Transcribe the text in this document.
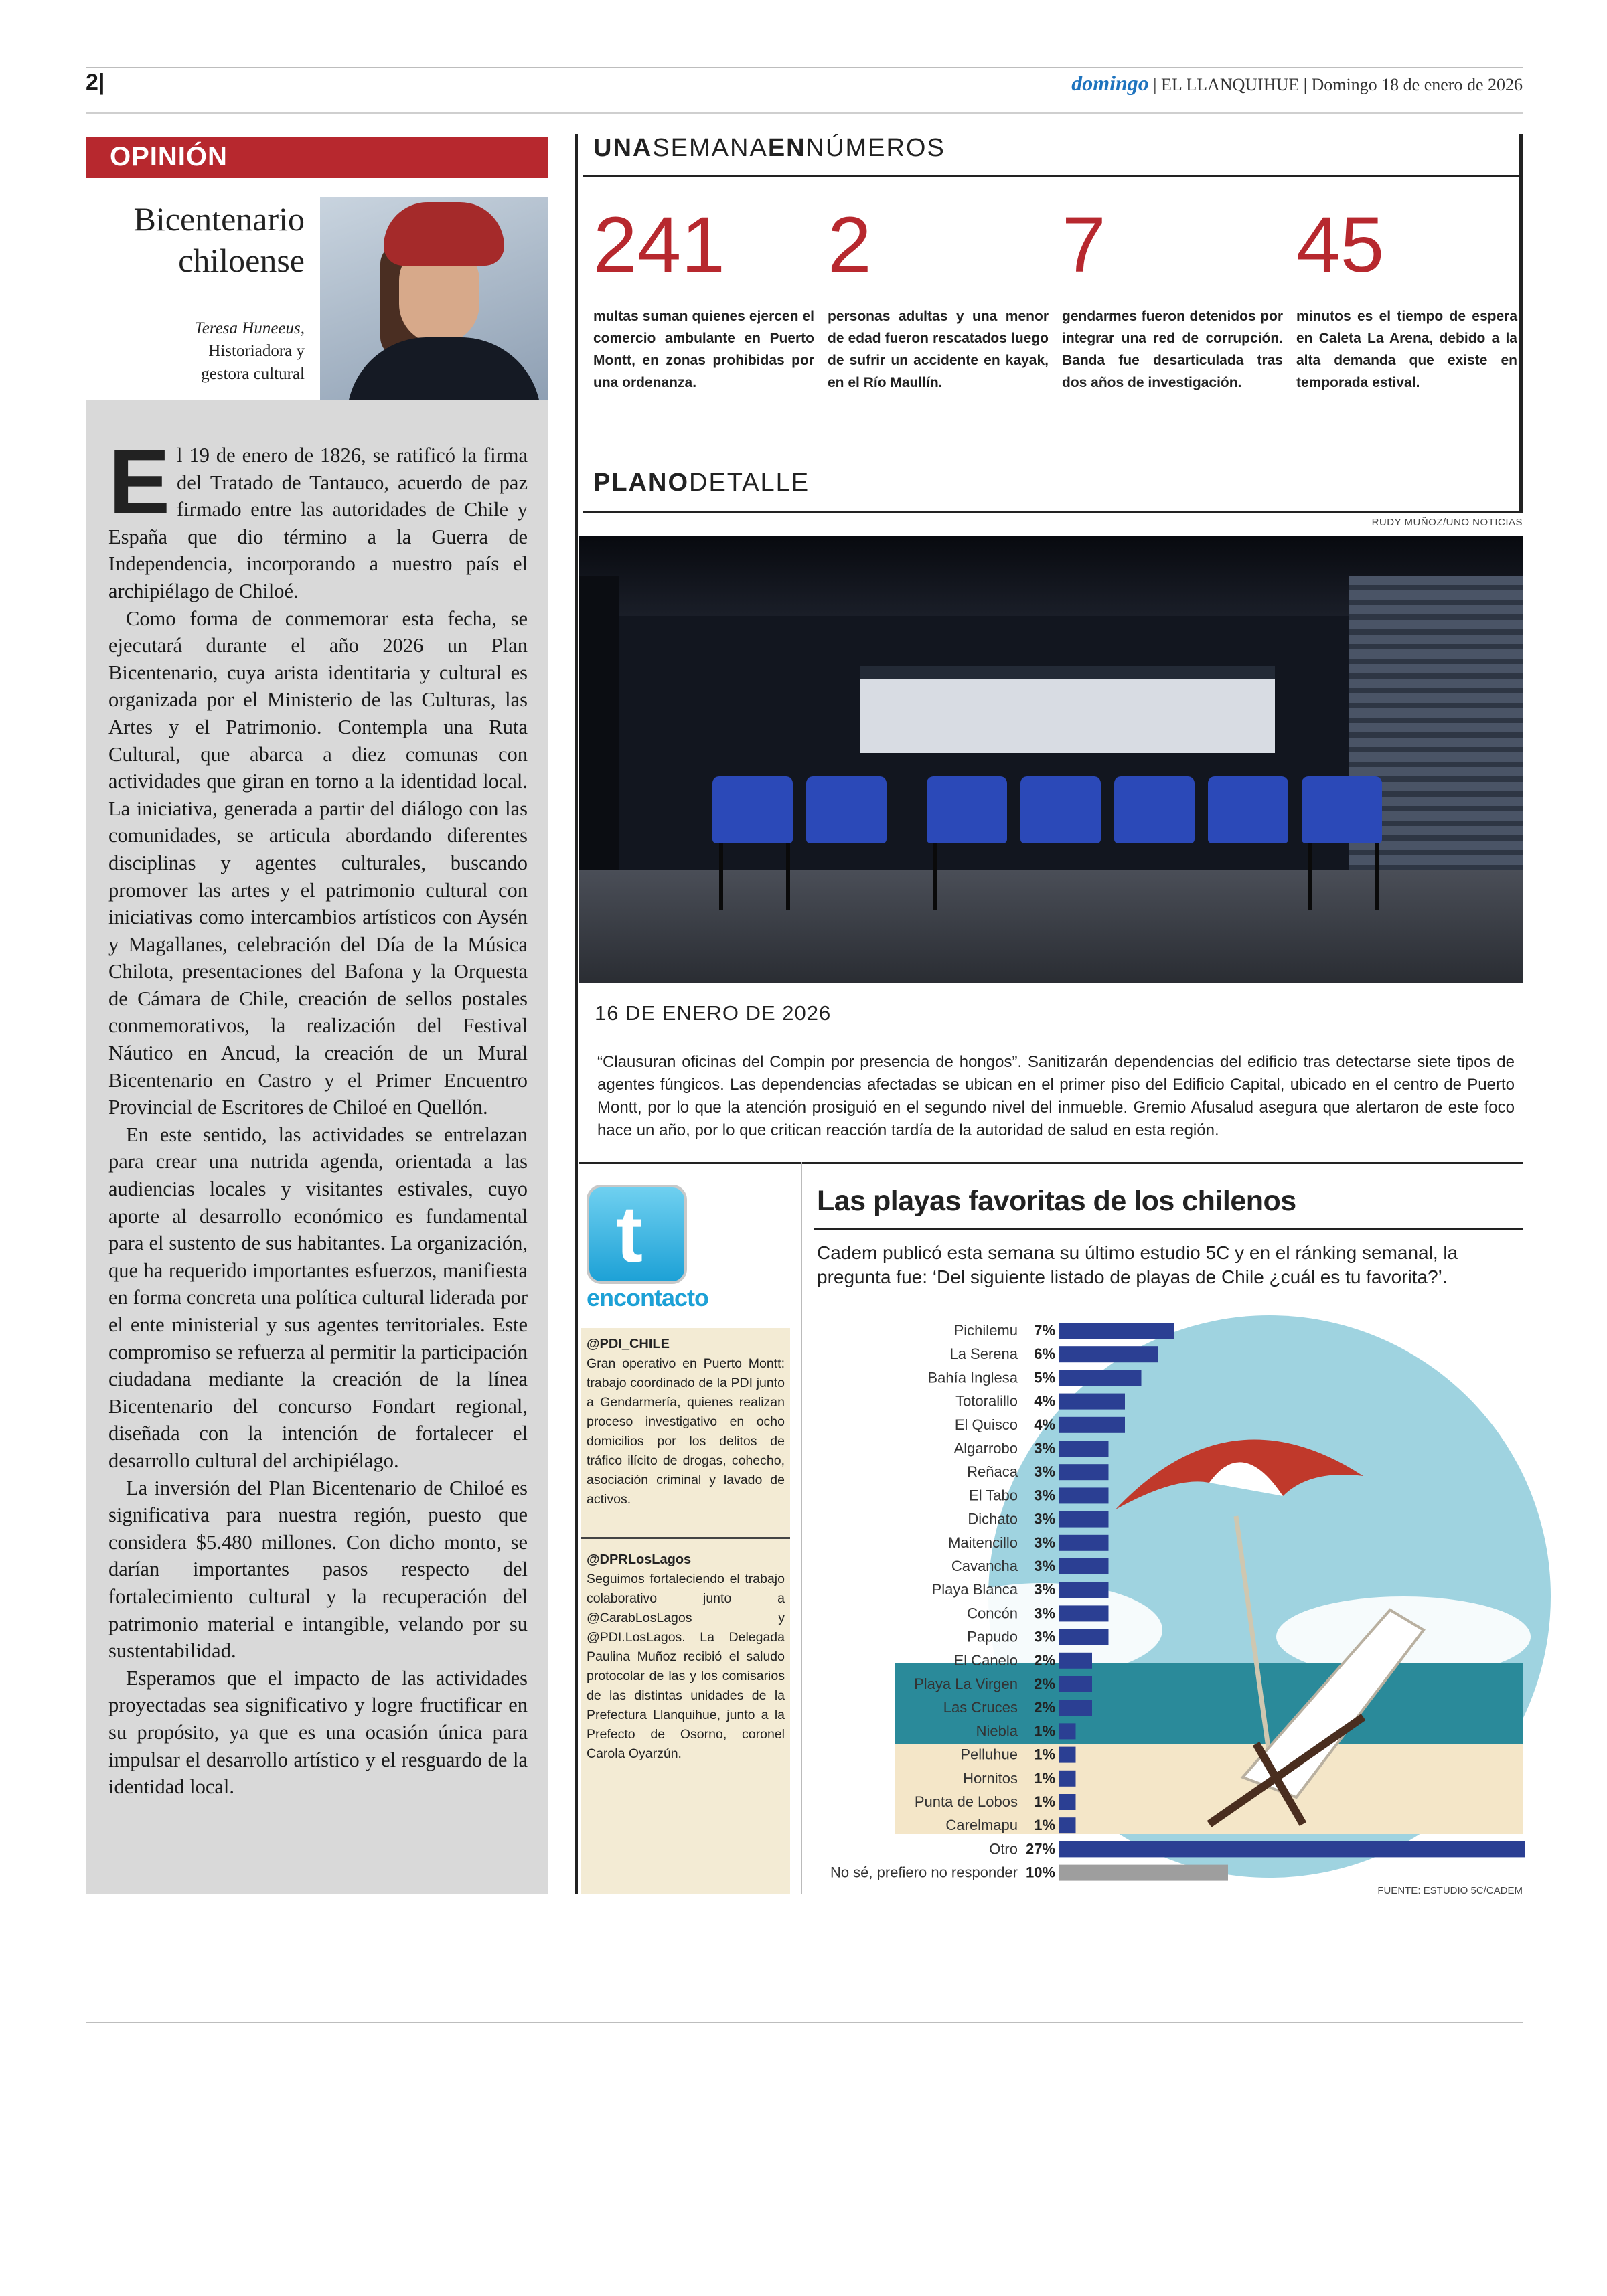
2|	domingo | EL LLANQUIHUE | Domingo 18 de enero de 2026
OPINIÓN
Bicentenario
chiloense
Teresa Huneeus,
Historiadora y
gestora cultural

El 19 de enero de 1826, se ratificó la firma del Tratado de Tantauco, acuerdo de paz firmado entre las autoridades de Chile y España que dio término a la Guerra de Independencia, incorporando a nuestro país el archipiélago de Chiloé.

Como forma de conmemorar esta fecha, se ejecutará durante el año 2026 un Plan Bicentenario, cuya arista identitaria y cultural es organizada por el Ministerio de las Culturas, las Artes y el Patrimonio. Contempla una Ruta Cultural, que abarca a diez comunas con actividades que giran en torno a la identidad local. La iniciativa, generada a partir del diálogo con las comunidades, se articula abordando diferentes disciplinas y agentes culturales, buscando promover las artes y el patrimonio cultural con iniciativas como intercambios artísticos con Aysén y Magallanes, celebración del Día de la Música Chilota, presentaciones del Bafona y la Orquesta de Cámara de Chile, creación de sellos postales conmemorativos, la realización del Festival Náutico en Ancud, la creación de un Mural Bicentenario en Castro y el Primer Encuentro Provincial de Escritores de Chiloé en Quellón.

En este sentido, las actividades se entrelazan para crear una nutrida agenda, orientada a las audiencias locales y visitantes estivales, cuyo aporte al desarrollo económico es fundamental para el sustento de sus habitantes. La organización, que ha requerido importantes esfuerzos, manifiesta en forma concreta una política cultural liderada por el ente ministerial y sus agentes territoriales. Este compromiso se refuerza al permitir la participación ciudadana mediante la creación de la línea Bicentenario del concurso Fondart regional, diseñada con la intención de fortalecer el desarrollo cultural del archipiélago.

La inversión del Plan Bicentenario de Chiloé es significativa para nuestra región, puesto que considera $5.480 millones. Con dicho monto, se darían importantes pasos respecto del fortalecimiento cultural y la recuperación del patrimonio material e intangible, velando por su sustentabilidad.

Esperamos que el impacto de las actividades proyectadas sea significativo y logre fructificar en su propósito, ya que es una ocasión única para impulsar el desarrollo artístico y el resguardo de la identidad local.

UNASEMANAENNÚMEROS
241
multas suman quienes ejercen el comercio ambulante en Puerto Montt, en zonas prohibidas por una ordenanza.
2
personas adultas y una menor de edad fueron rescatados luego de sufrir un accidente en kayak, en el Río Maullín.
7
gendarmes fueron detenidos por integrar una red de corrupción. Banda fue desarticulada tras dos años de investigación.
45
minutos es el tiempo de espera en Caleta La Arena, debido a la alta demanda que existe en temporada estival.
PLANODETALLE
RUDY MUÑOZ/UNO NOTICIAS
16 DE ENERO DE 2026
“Clausuran oficinas del Compin por presencia de hongos”. Sanitizarán dependencias del edificio tras detectarse siete tipos de agentes fúngicos. Las dependencias afectadas se ubican en el primer piso del Edificio Capital, ubicado en el centro de Puerto Montt, por lo que la atención prosiguió en el segundo nivel del inmueble. Gremio Afusalud asegura que alertaron de este foco hace un año, por lo que critican reacción tardía de la autoridad de salud en esta región.
t
encontacto
@PDI_CHILE
Gran operativo en Puerto Montt: trabajo coordinado de la PDI junto a Gendarmería, quienes realizan proceso investigativo en ocho domicilios por los delitos de tráfico ilícito de drogas, cohecho, asociación criminal y lavado de activos.
@DPRLosLagos
Seguimos fortaleciendo el trabajo colaborativo junto a @CarabLosLagos y @PDI.LosLagos. La Delegada Paulina Muñoz recibió el saludo protocolar de las y los comisarios de las distintas unidades de la Prefectura Llanquihue, junto a la Prefecto de Osorno, coronel Carola Oyarzún.
Las playas favoritas de los chilenos
Cadem publicó esta semana su último estudio 5C y en el ránking semanal, la pregunta fue: ‘Del siguiente listado de playas de Chile ¿cuál es tu favorita?’.
Pichilemu 7%
La Serena 6%
Bahía Inglesa 5%
Totoralillo 4%
El Quisco 4%
Algarrobo 3%
Reñaca 3%
El Tabo 3%
Dichato 3%
Maitencillo 3%
Cavancha 3%
Playa Blanca 3%
Concón 3%
Papudo 3%
El Canelo 2%
Playa La Virgen 2%
Las Cruces 2%
Niebla 1%
Pelluhue 1%
Hornitos 1%
Punta de Lobos 1%
Carelmapu 1%
Otro 27%
No sé, prefiero no responder 10%
FUENTE: ESTUDIO 5C/CADEM
